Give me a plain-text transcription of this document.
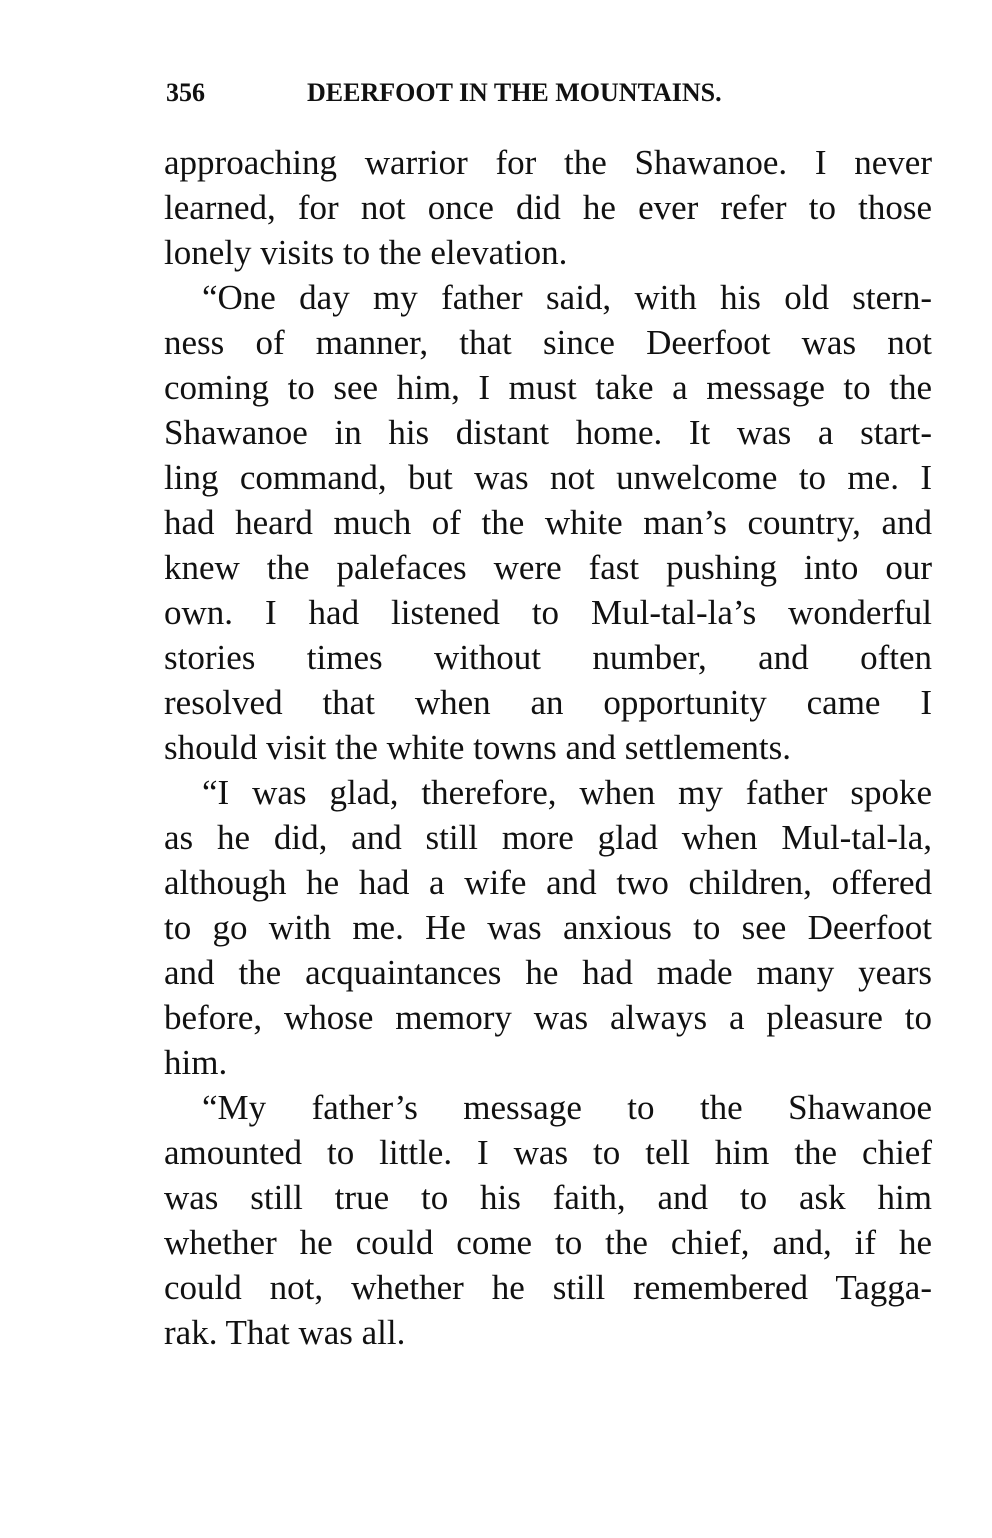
356	DEERFOOT IN THE MOUNTAINS.
approaching warrior for the Shawanoe. I never
learned, for not once did he ever refer to those
lonely visits to the elevation.
“One day my father said, with his old stern-
ness of manner, that since Deerfoot was not
coming to see him, I must take a message to the
Shawanoe in his distant home. It was a start-
ling command, but was not unwelcome to me. I
had heard much of the white man’s country, and
knew the palefaces were fast pushing into our
own. I had listened to Mul-tal-la’s wonderful
stories times without number, and often
resolved that when an opportunity came I
should visit the white towns and settlements.
“I was glad, therefore, when my father spoke
as he did, and still more glad when Mul-tal-la,
although he had a wife and two children, offered
to go with me. He was anxious to see Deerfoot
and the acquaintances he had made many years
before, whose memory was always a pleasure to
him.
“My father’s message to the Shawanoe
amounted to little. I was to tell him the chief
was still true to his faith, and to ask him
whether he could come to the chief, and, if he
could not, whether he still remembered Tagga-
rak. That was all.
